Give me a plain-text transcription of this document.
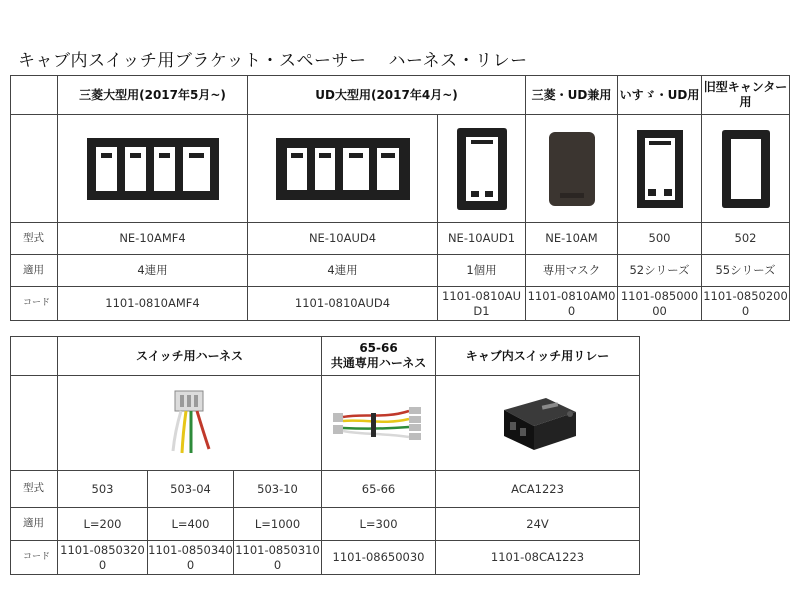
キャブ内スイッチ用ブラケット・スペーサー ハーネス・リレー
	三菱大型用(2017年5月~)	UD大型用(2017年4月~)		三菱・UD兼用	いすゞ・UD用	旧型キャンター用

型式	NE-10AMF4	NE-10AUD4	NE-10AUD1	NE-10AM	500	502
適用	4連用	4連用	1個用	専用マスク	52シリーズ	55シリーズ
コード	1101-0810AMF4	1101-0810AUD4	1101-0810AUD1	1101-0810AM00	1101-08500000	1101-08502000
	スイッチ用ハーネス			65-66
共通専用ハーネス	キャブ内スイッチ用リレー

型式	503	503-04	503-10	65-66	ACA1223
適用	L=200	L=400	L=1000	L=300	24V
コード	1101-08503200	1101-08503400	1101-08503100	1101-08650030	1101-08CA1223
